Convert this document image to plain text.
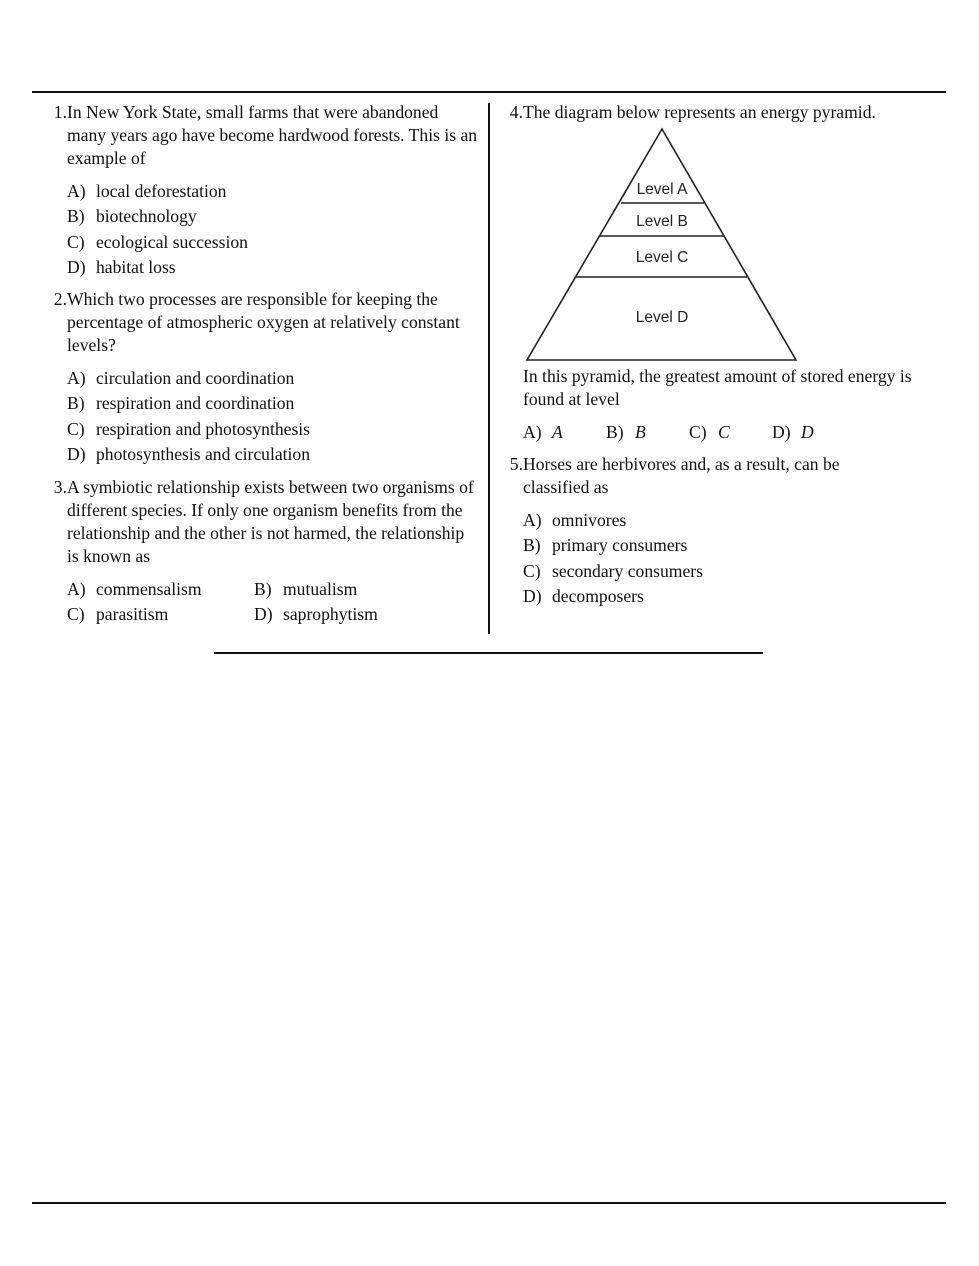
1. In New York State, small farms that were abandoned many years ago have become hardwood forests. This is an example of
A) local deforestation
B) biotechnology
C) ecological succession
D) habitat loss
2. Which two processes are responsible for keeping the percentage of atmospheric oxygen at relatively constant levels?
A) circulation and coordination
B) respiration and coordination
C) respiration and photosynthesis
D) photosynthesis and circulation
3. A symbiotic relationship exists between two organisms of different species. If only one organism benefits from the relationship and the other is not harmed, the relationship is known as
A) commensalism	B) mutualism
C) parasitism	D) saprophytism
4. The diagram below represents an energy pyramid.
Level A
Level B
Level C
Level D
In this pyramid, the greatest amount of stored energy is found at level
A) A	B) B	C) C	D) D
5. Horses are herbivores and, as a result, can be classified as
A) omnivores
B) primary consumers
C) secondary consumers
D) decomposers
